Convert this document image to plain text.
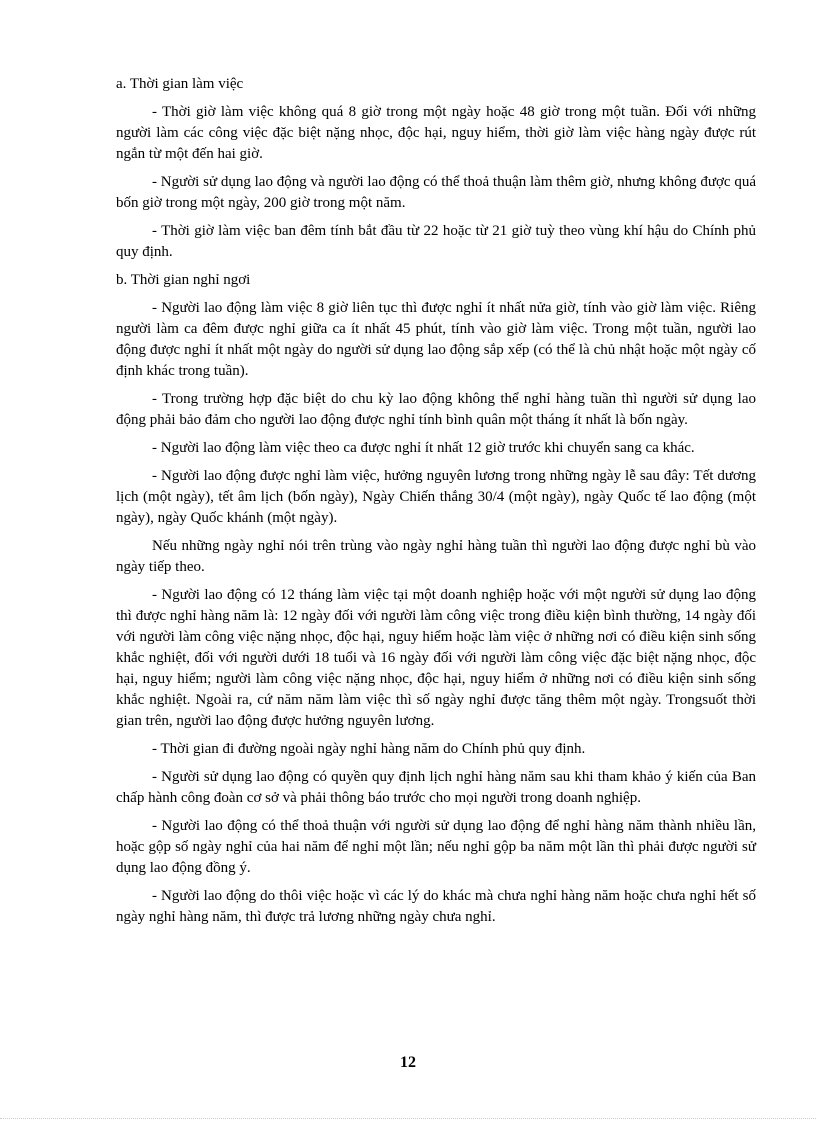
a. Thời gian làm việc

- Thời giờ làm việc không quá 8 giờ trong một ngày hoặc 48 giờ trong một tuần. Đối với những người làm các công việc đặc biệt nặng nhọc, độc hại, nguy hiểm, thời giờ làm việc hàng ngày được rút ngắn từ một đến hai giờ.

- Người sử dụng lao động và người lao động có thể thoả thuận làm thêm giờ, nhưng không được quá bốn giờ trong một ngày, 200 giờ trong một năm.

- Thời giờ làm việc ban đêm tính bắt đầu từ 22 hoặc từ 21 giờ tuỳ theo vùng khí hậu do Chính phủ quy định.

b. Thời gian nghỉ ngơi

- Người lao động làm việc 8 giờ liên tục thì được nghỉ ít nhất nửa giờ, tính vào giờ làm việc. Riêng người làm ca đêm được nghỉ giữa ca ít nhất 45 phút, tính vào giờ làm việc. Trong một tuần, người lao động được nghỉ ít nhất một ngày do người sử dụng lao động sắp xếp (có thể là chủ nhật hoặc một ngày cố định khác trong tuần).

- Trong trường hợp đặc biệt do chu kỳ lao động không thể nghỉ hàng tuần thì người sử dụng lao động phải bảo đảm cho người lao động được nghỉ tính bình quân một tháng ít nhất là bốn ngày.

- Người lao động làm việc theo ca được nghỉ ít nhất 12 giờ trước khi chuyển sang ca khác.

- Người lao động được nghỉ làm việc, hưởng nguyên lương trong những ngày lễ sau đây: Tết dương lịch (một ngày), tết âm lịch (bốn ngày), Ngày Chiến thắng 30/4 (một ngày), ngày Quốc tế lao động (một ngày), ngày Quốc khánh (một ngày).

Nếu những ngày nghỉ nói trên trùng vào ngày nghỉ hàng tuần thì người lao động được nghỉ bù vào ngày tiếp theo.

- Người lao động có 12 tháng làm việc tại một doanh nghiệp hoặc với một người sử dụng lao động thì được nghỉ hàng năm là: 12 ngày đối với người làm công việc trong điều kiện bình thường, 14 ngày đối với người làm công việc nặng nhọc, độc hại, nguy hiểm hoặc làm việc ở những nơi có điều kiện sinh sống khắc nghiệt, đối với người dưới 18 tuổi và 16 ngày đối với người làm công việc đặc biệt nặng nhọc, độc hại, nguy hiểm; người làm công việc nặng nhọc, độc hại, nguy hiểm ở những nơi có điều kiện sinh sống khắc nghiệt. Ngoài ra, cứ năm năm làm việc thì số ngày nghỉ được tăng thêm một ngày. Trongsuốt thời gian trên, người lao động được hưởng nguyên lương.

- Thời gian đi đường ngoài ngày nghỉ hàng năm do Chính phủ quy định.

- Người sử dụng lao động có quyền quy định lịch nghỉ hàng năm sau khi tham khảo ý kiến của Ban chấp hành công đoàn cơ sở và phải thông báo trước cho mọi người trong doanh nghiệp.

- Người lao động có thể thoả thuận với người sử dụng lao động để nghỉ hàng năm thành nhiều lần, hoặc gộp số ngày nghỉ của hai năm để nghỉ một lần; nếu nghỉ gộp ba năm một lần thì phải được người sử dụng lao động đồng ý.

- Người lao động do thôi việc hoặc vì các lý do khác mà chưa nghỉ hàng năm hoặc chưa nghỉ hết số ngày nghỉ hàng năm, thì được trả lương những ngày chưa nghỉ.

12
